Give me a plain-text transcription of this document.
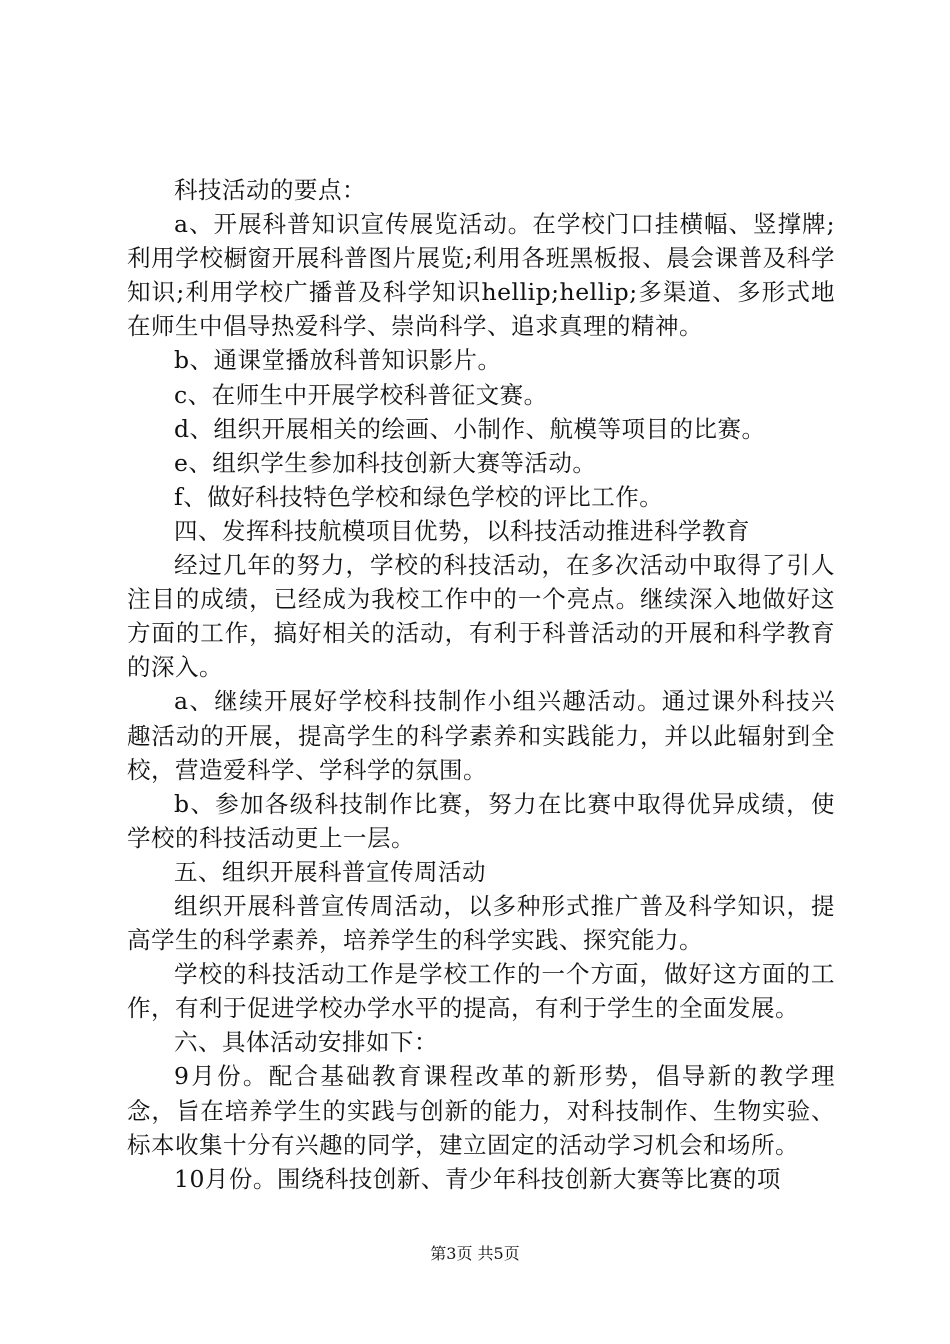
科技活动的要点：

a、开展科普知识宣传展览活动。在学校门口挂横幅、竖撑牌;利用学校橱窗开展科普图片展览;利用各班黑板报、晨会课普及科学知识;利用学校广播普及科学知识hellip;hellip;多渠道、多形式地在师生中倡导热爱科学、崇尚科学、追求真理的精神。

b、通课堂播放科普知识影片。

c、在师生中开展学校科普征文赛。

d、组织开展相关的绘画、小制作、航模等项目的比赛。

e、组织学生参加科技创新大赛等活动。

f、做好科技特色学校和绿色学校的评比工作。

四、发挥科技航模项目优势，以科技活动推进科学教育

经过几年的努力，学校的科技活动，在多次活动中取得了引人注目的成绩，已经成为我校工作中的一个亮点。继续深入地做好这方面的工作，搞好相关的活动，有利于科普活动的开展和科学教育的深入。

a、继续开展好学校科技制作小组兴趣活动。通过课外科技兴趣活动的开展，提高学生的科学素养和实践能力，并以此辐射到全校，营造爱科学、学科学的氛围。

b、参加各级科技制作比赛，努力在比赛中取得优异成绩，使学校的科技活动更上一层。

五、组织开展科普宣传周活动

组织开展科普宣传周活动，以多种形式推广普及科学知识，提高学生的科学素养，培养学生的科学实践、探究能力。

学校的科技活动工作是学校工作的一个方面，做好这方面的工作，有利于促进学校办学水平的提高，有利于学生的全面发展。

六、具体活动安排如下：

9月份。配合基础教育课程改革的新形势，倡导新的教学理念，旨在培养学生的实践与创新的能力，对科技制作、生物实验、标本收集十分有兴趣的同学，建立固定的活动学习机会和场所。

10月份。围绕科技创新、青少年科技创新大赛等比赛的项

第3页 共5页
